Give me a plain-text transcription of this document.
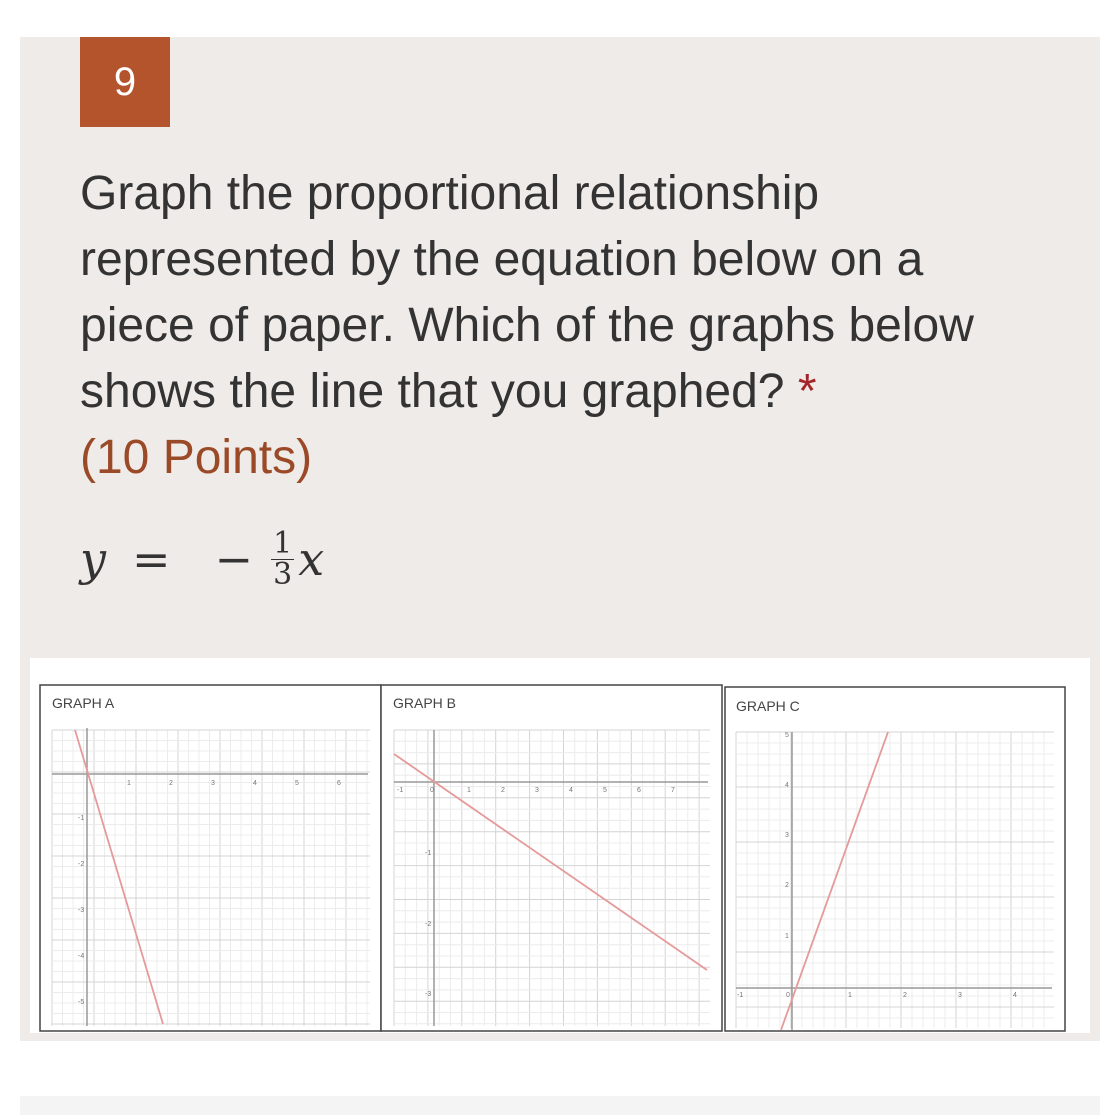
9

Graph the proportional relationship represented by the equation below on a piece of paper. Which of the graphs below shows the line that you graphed? *
(10 Points)

y = − $\frac{1}{3}$ x
GRAPH A
1	2	3	4	5	6
-1
-2
-3
-4
-5
GRAPH B
-1	0	1	2	3	4	5	6	7
-1
-2
-3
GRAPH C
-1	0	1	2	3	4
5
4
3
2
1
